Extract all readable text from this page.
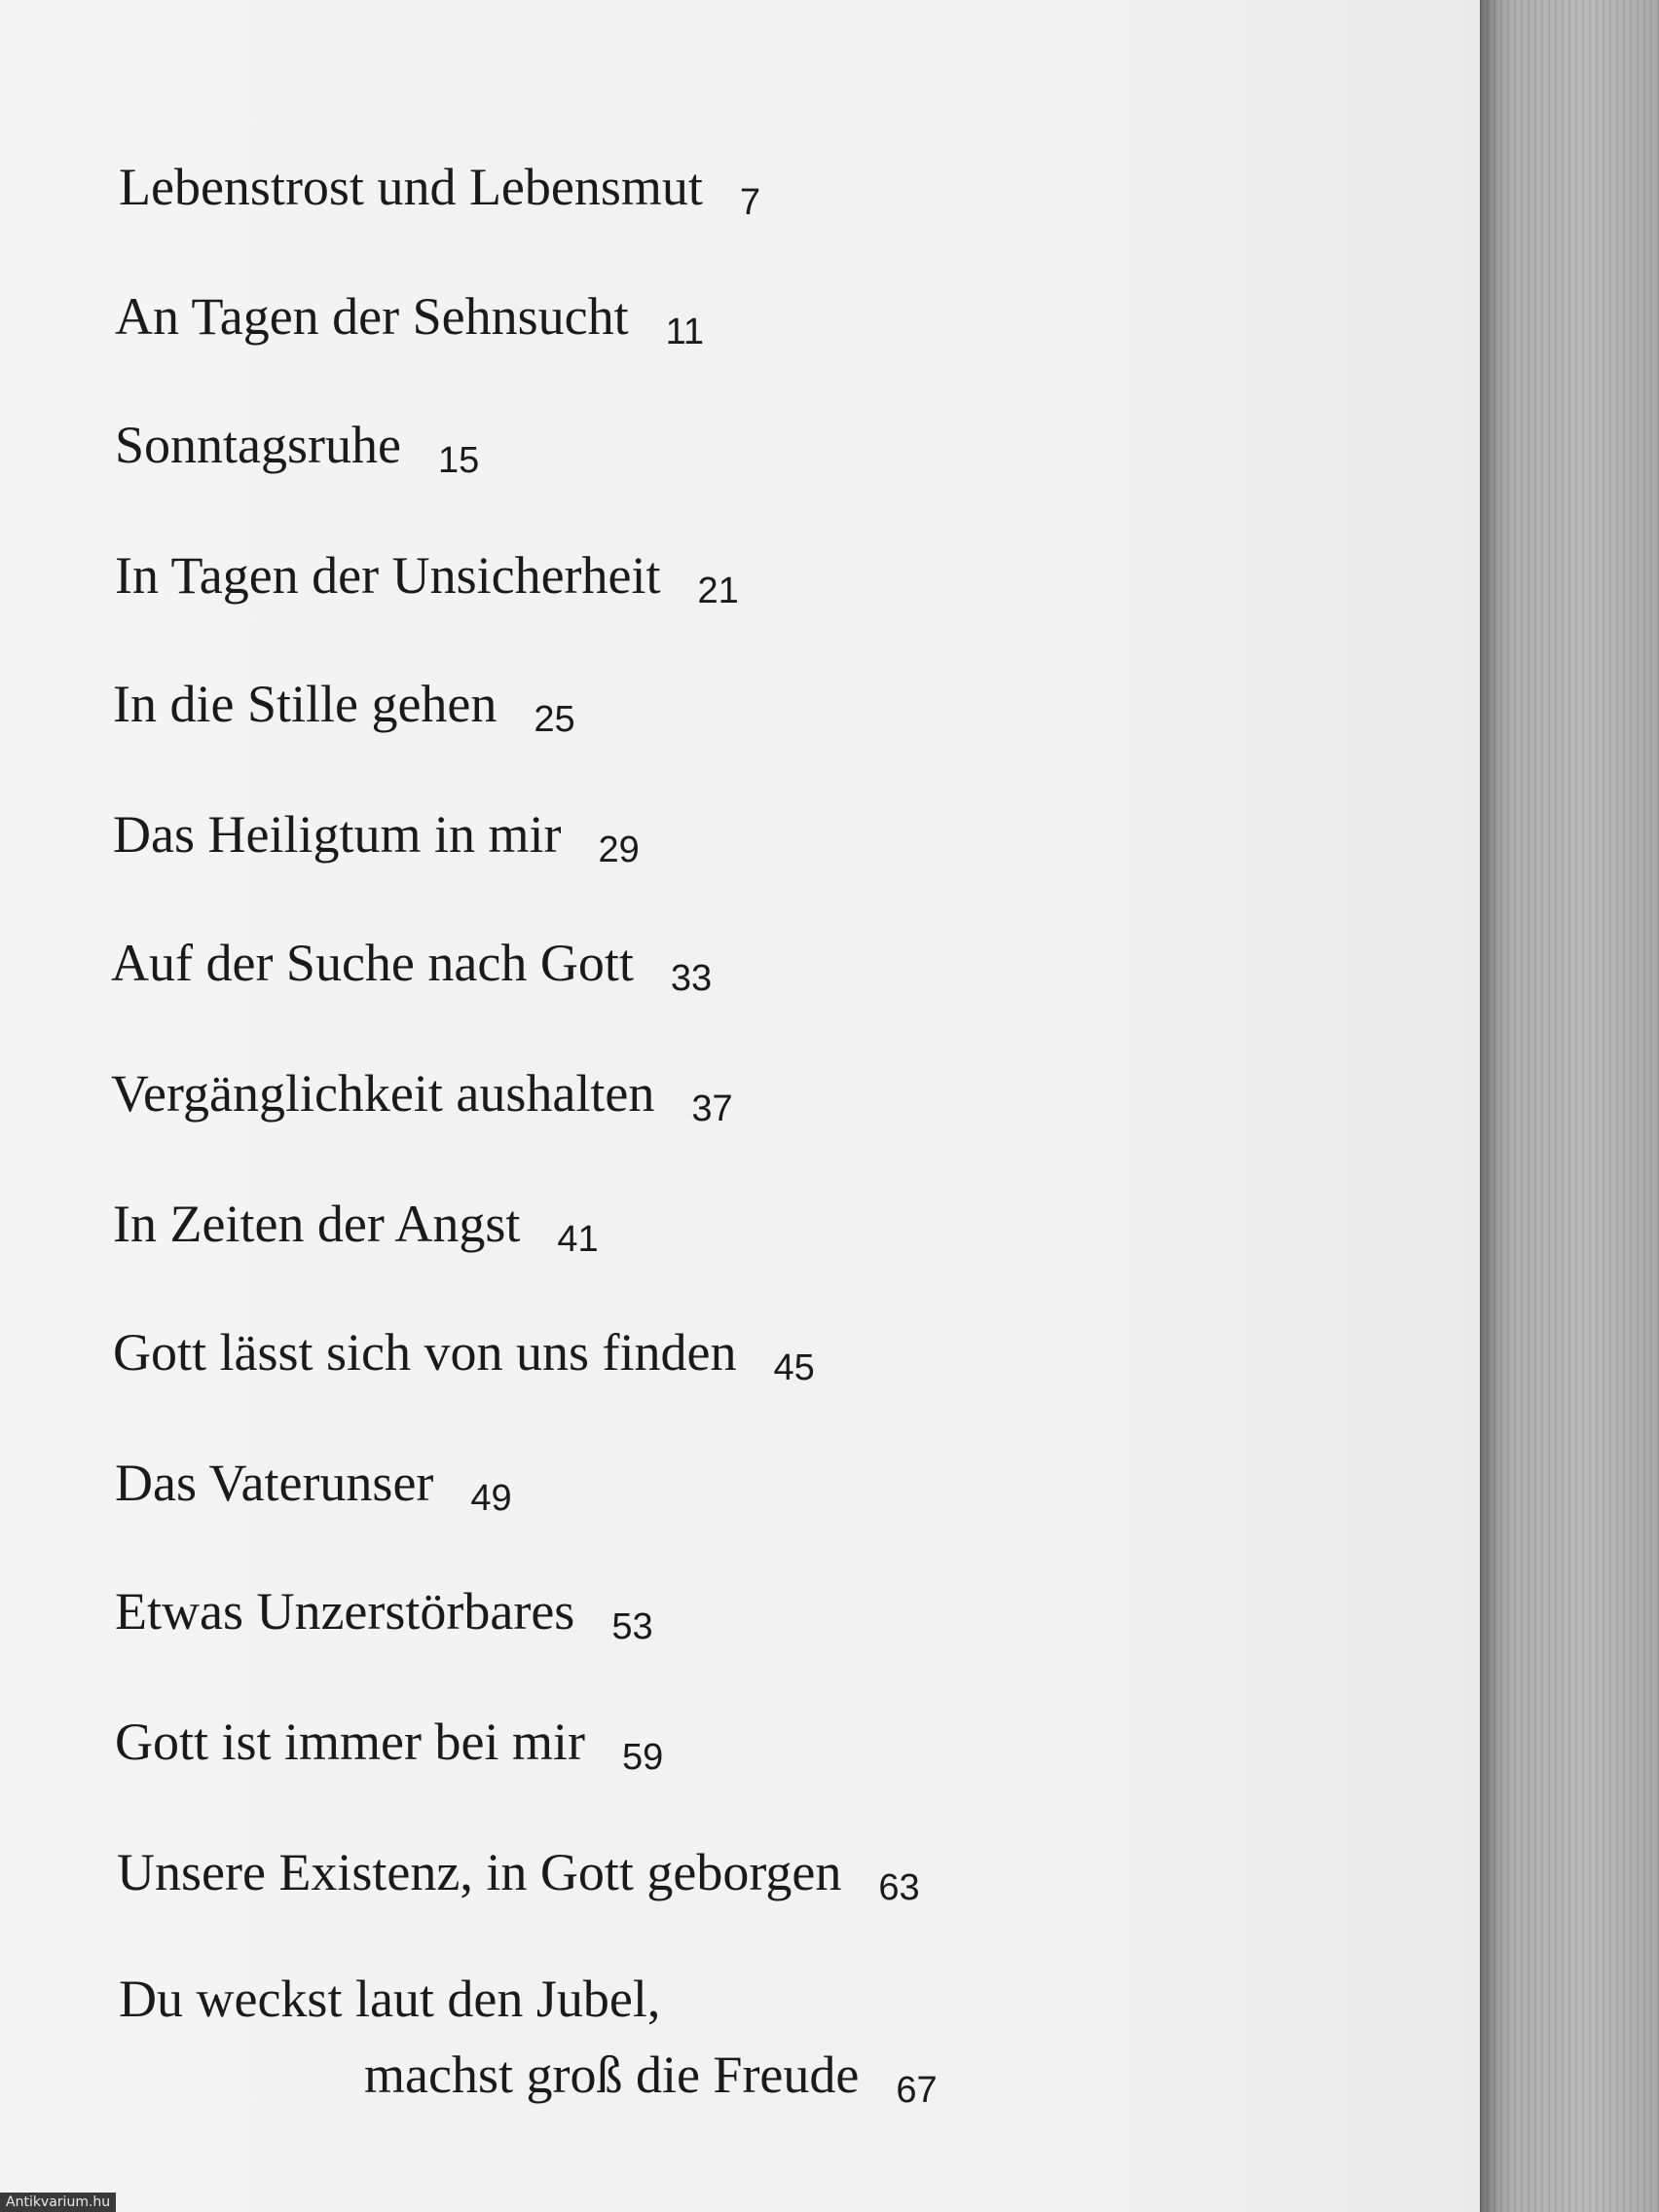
Lebenstrost und Lebensmut 7
An Tagen der Sehnsucht 11
Sonntagsruhe 15
In Tagen der Unsicherheit 21
In die Stille gehen 25
Das Heiligtum in mir 29
Auf der Suche nach Gott 33
Vergänglichkeit aushalten 37
In Zeiten der Angst 41
Gott lässt sich von uns finden 45
Das Vaterunser 49
Etwas Unzerstörbares 53
Gott ist immer bei mir 59
Unsere Existenz, in Gott geborgen 63
Du weckst laut den Jubel,
machst groß die Freude 67
Antikvarium.hu
